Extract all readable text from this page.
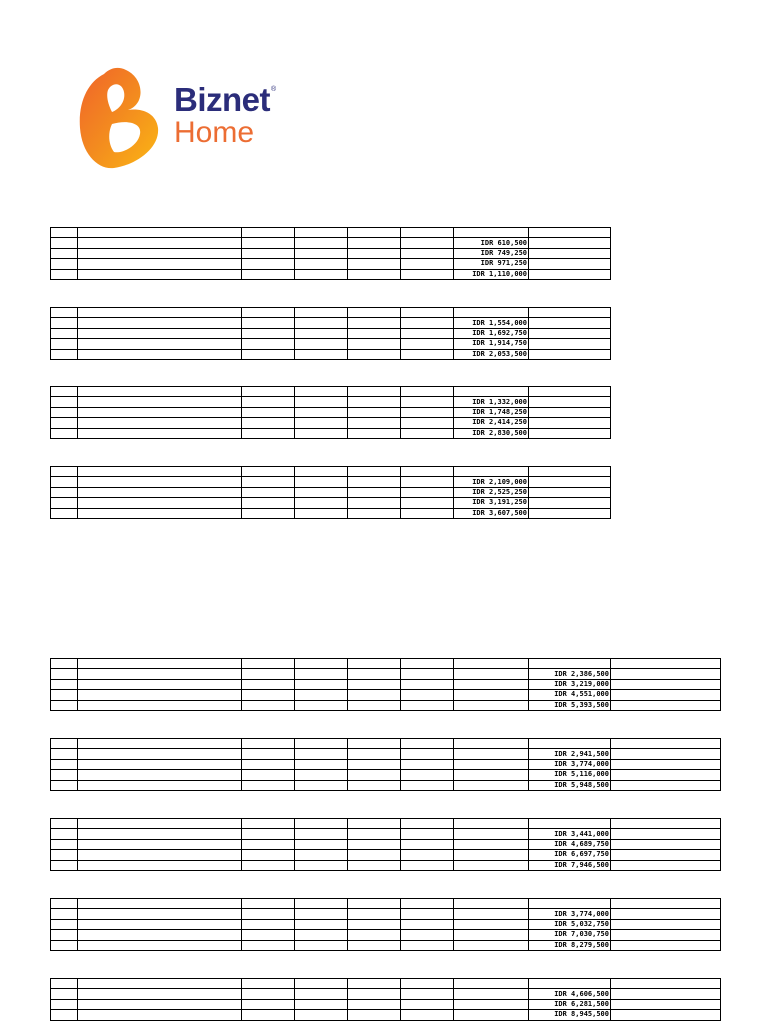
Biznet ®
Home

						IDR 610,500	
						IDR 749,250	
						IDR 971,250	
						IDR 1,110,000	

						IDR 1,554,000	
						IDR 1,692,750	
						IDR 1,914,750	
						IDR 2,053,500	

						IDR 1,332,000	
						IDR 1,748,250	
						IDR 2,414,250	
						IDR 2,830,500	

						IDR 2,109,000	
						IDR 2,525,250	
						IDR 3,191,250	
						IDR 3,607,500	

							IDR 2,386,500	
							IDR 3,219,000	
							IDR 4,551,000	
							IDR 5,393,500	

							IDR 2,941,500	
							IDR 3,774,000	
							IDR 5,116,000	
							IDR 5,948,500	

							IDR 3,441,000	
							IDR 4,689,750	
							IDR 6,697,750	
							IDR 7,946,500	

							IDR 3,774,000	
							IDR 5,032,750	
							IDR 7,030,750	
							IDR 8,279,500	

							IDR 4,606,500	
							IDR 6,281,500	
							IDR 8,945,500	
